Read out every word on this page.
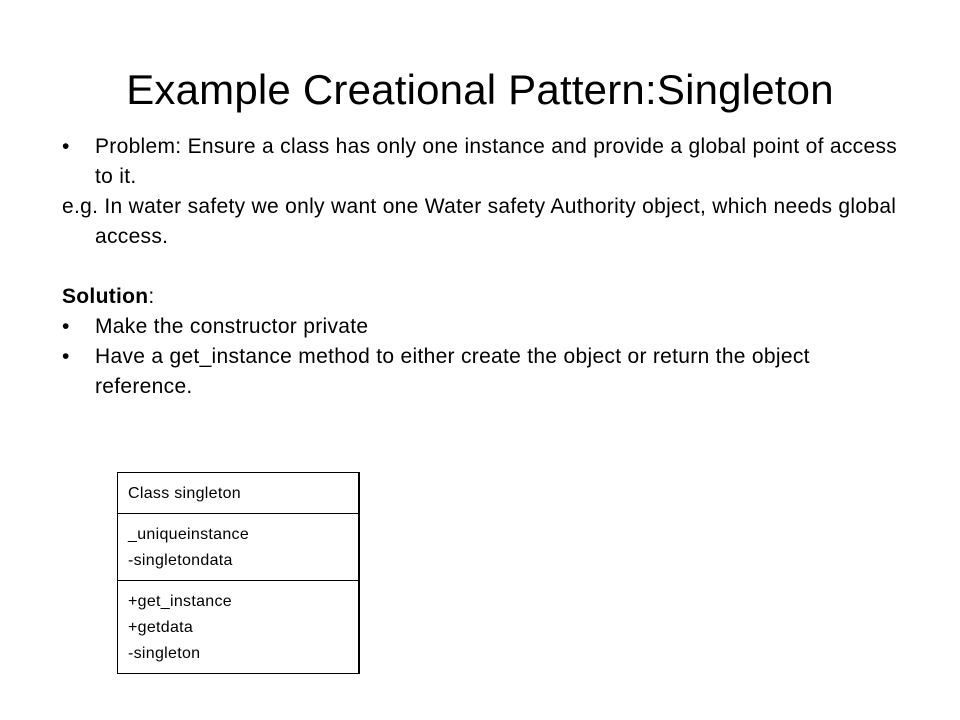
Example Creational Pattern:Singleton

• Problem: Ensure a class has only one instance and provide a global point of access to it.

e.g. In water safety we only want one Water safety Authority object, which needs global access.

Solution:

• Make the constructor private

• Have a get_instance method to either create the object or return the object reference.

Class singleton
_uniqueinstance
-singletondata
+get_instance
+getdata
-singleton
